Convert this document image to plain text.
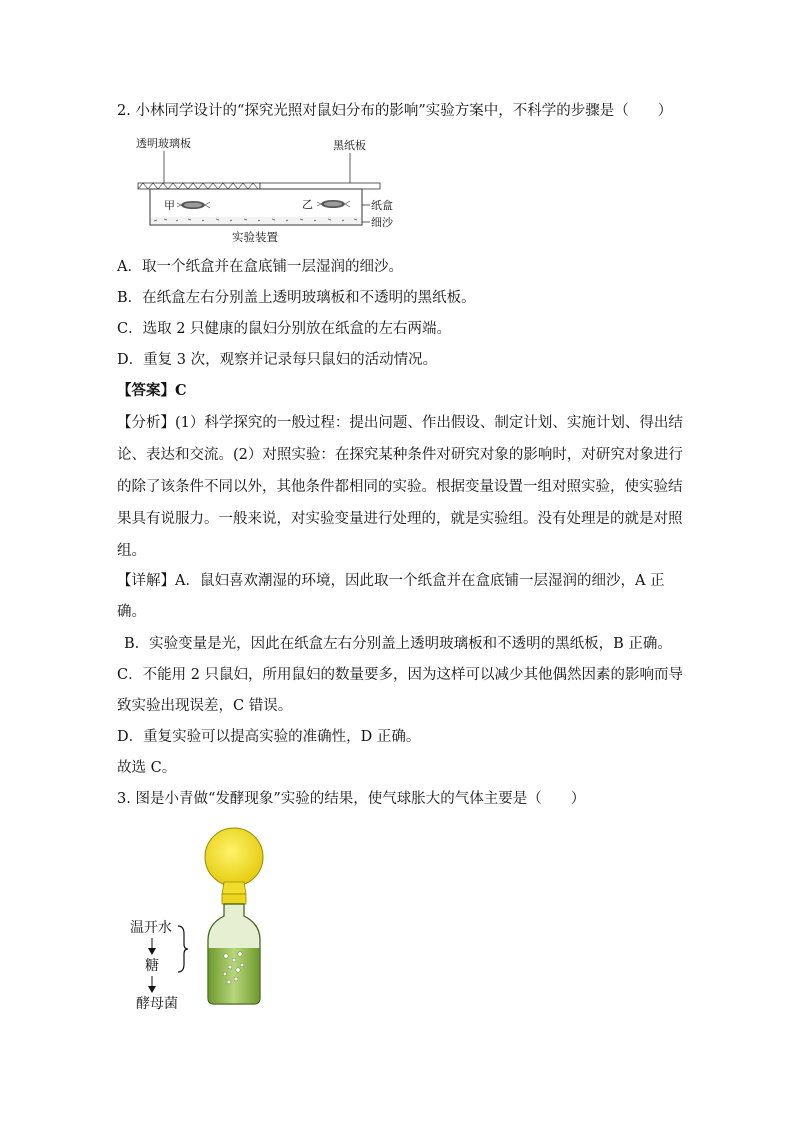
2. 小林同学设计的“探究光照对鼠妇分布的影响”实验方案中，不科学的步骤是（　　）
透明玻璃板	黑纸板
甲	乙	纸盒
细沙
实验装置
A．取一个纸盒并在盒底铺一层湿润的细沙。
B．在纸盒左右分别盖上透明玻璃板和不透明的黑纸板。
C．选取 2 只健康的鼠妇分别放在纸盒的左右两端。
D．重复 3 次，观察并记录每只鼠妇的活动情况。
【答案】C
【分析】(1）科学探究的一般过程：提出问题、作出假设、制定计划、实施计划、得出结
论、表达和交流。(2）对照实验：在探究某种条件对研究对象的影响时，对研究对象进行
的除了该条件不同以外，其他条件都相同的实验。根据变量设置一组对照实验，使实验结
果具有说服力。一般来说，对实验变量进行处理的，就是实验组。没有处理是的就是对照
组。
【详解】A．鼠妇喜欢潮湿的环境，因此取一个纸盒并在盒底铺一层湿润的细沙，A 正
确。
B．实验变量是光，因此在纸盒左右分别盖上透明玻璃板和不透明的黑纸板，B 正确。
C．不能用 2 只鼠妇，所用鼠妇的数量要多，因为这样可以减少其他偶然因素的影响而导
致实验出现误差，C 错误。
D．重复实验可以提高实验的准确性，D 正确。
故选 C。
3. 图是小青做“发酵现象”实验的结果，使气球胀大的气体主要是（　　）
温开水
糖
酵母菌
